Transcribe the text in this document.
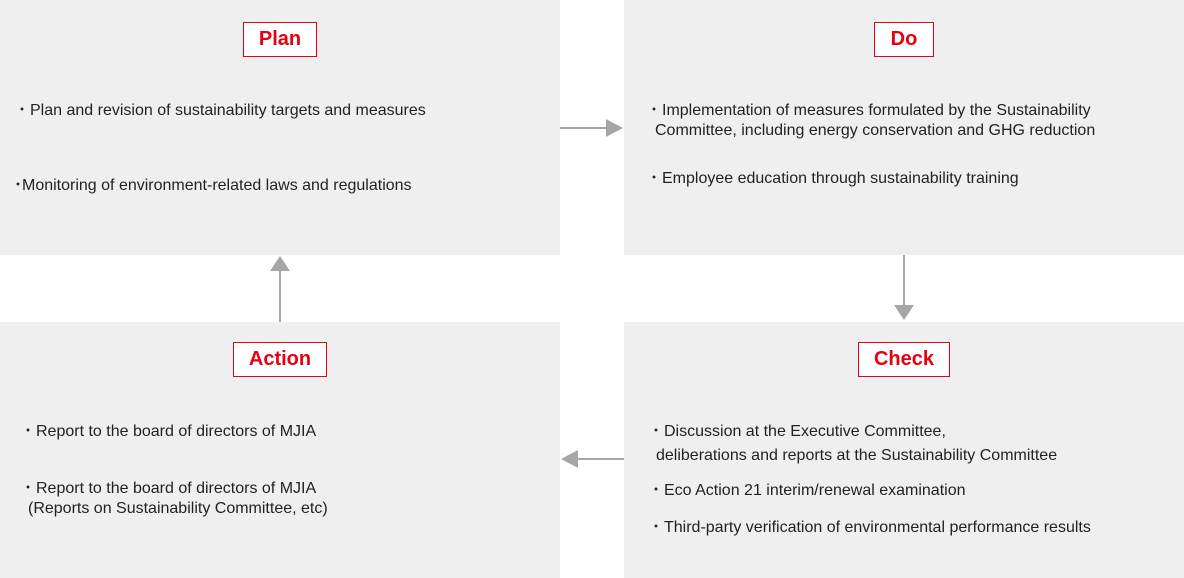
Plan
・Plan and revision of sustainability targets and measures
･Monitoring of environment-related laws and regulations
Do
・Implementation of measures formulated by the Sustainability
Committee, including energy conservation and GHG reduction
・Employee education through sustainability training
Action
・Report to the board of directors of MJIA
・Report to the board of directors of MJIA
(Reports on Sustainability Committee, etc)
Check
・Discussion at the Executive Committee,
deliberations and reports at the Sustainability Committee
・Eco Action 21 interim/renewal examination
・Third-party verification of environmental performance results
